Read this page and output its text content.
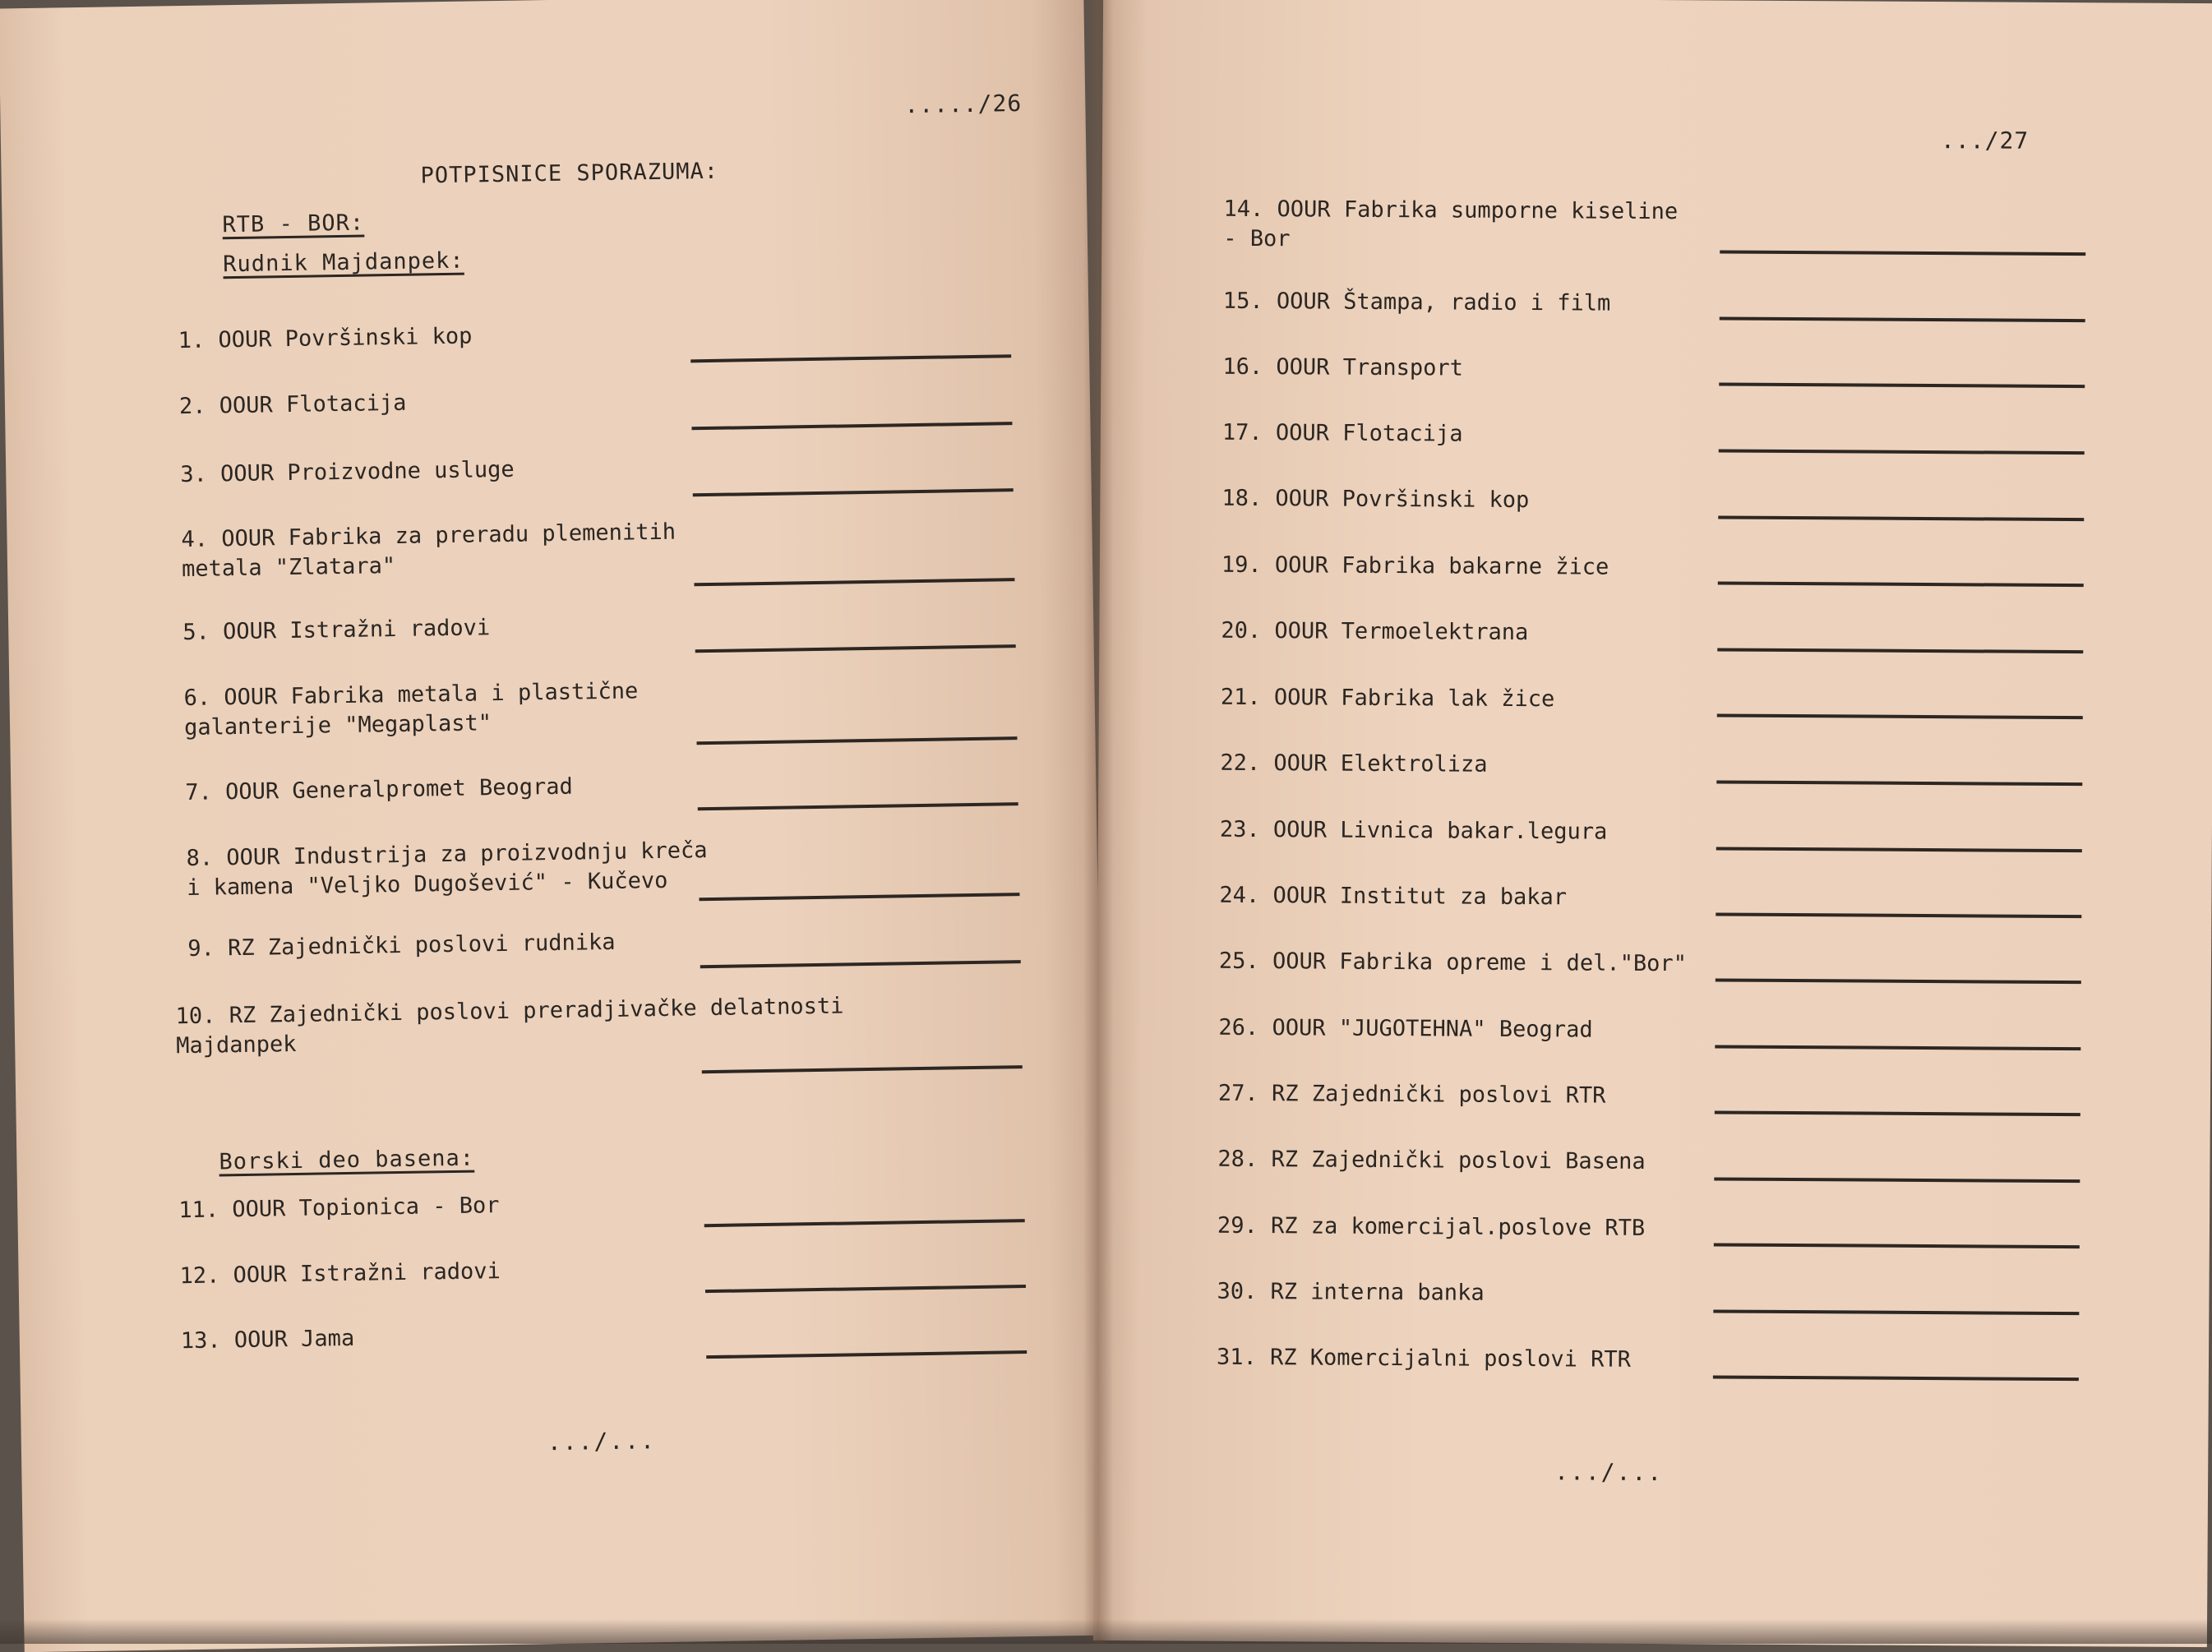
...../26
POTPISNICE SPORAZUMA:
RTB - BOR:
Rudnik Majdanpek:
1. OOUR Površinski kop
2. OOUR Flotacija
3. OOUR Proizvodne usluge
4. OOUR Fabrika za preradu plemenitih
metala "Zlatara"
5. OOUR Istražni radovi
6. OOUR Fabrika metala i plastične
galanterije "Megaplast"
7. OOUR Generalpromet Beograd
8. OOUR Industrija za proizvodnju kreča
i kamena "Veljko Dugošević" - Kučevo
9. RZ Zajednički poslovi rudnika
10. RZ Zajednički poslovi preradjivačke delatnosti
Majdanpek
Borski deo basena:
11. OOUR Topionica - Bor
12. OOUR Istražni radovi
13. OOUR Jama
.../...
.../27
14. OOUR Fabrika sumporne kiseline
- Bor
15. OOUR Štampa, radio i film
16. OOUR Transport
17. OOUR Flotacija
18. OOUR Površinski kop
19. OOUR Fabrika bakarne žice
20. OOUR Termoelektrana
21. OOUR Fabrika lak žice
22. OOUR Elektroliza
23. OOUR Livnica bakar.legura
24. OOUR Institut za bakar
25. OOUR Fabrika opreme i del."Bor"
26. OOUR "JUGOTEHNA" Beograd
27. RZ Zajednički poslovi RTR
28. RZ Zajednički poslovi Basena
29. RZ za komercijal.poslove RTB
30. RZ interna banka
31. RZ Komercijalni poslovi RTR
.../...
